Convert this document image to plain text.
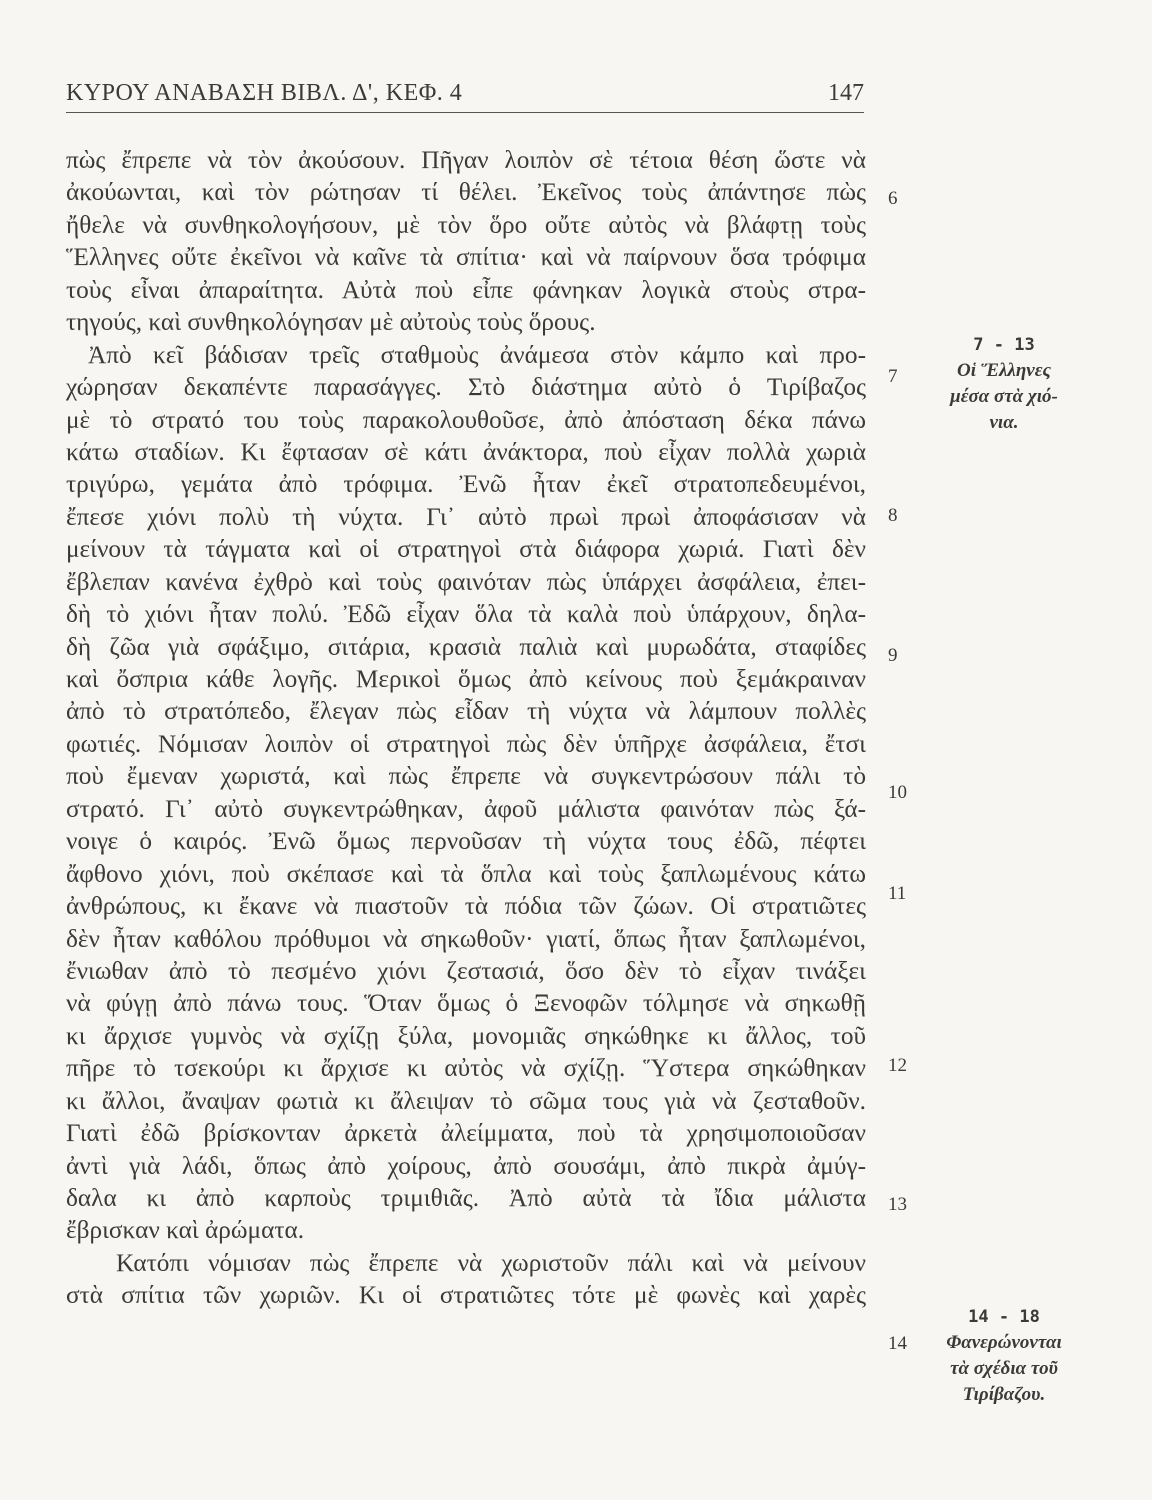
ΚΥΡΟΥ ΑΝΑΒΑΣΗ ΒΙΒΛ. Δ', ΚΕΦ. 4	147
πὼς ἔπρεπε νὰ τὸν ἀκούσουν. Πῆγαν λοιπὸν σὲ τέτοια θέση ὥστε νὰ
ἀκούωνται, καὶ τὸν ρώτησαν τί θέλει. Ἐκεῖνος τοὺς ἀπάντησε πὼς
ἤθελε νὰ συνθηκολογήσουν, μὲ τὸν ὅρο οὔτε αὐτὸς νὰ βλάφτῃ τοὺς
Ἕλληνες οὔτε ἐκεῖνοι νὰ καῖνε τὰ σπίτια· καὶ νὰ παίρνουν ὅσα τρόφιμα
τοὺς εἶναι ἀπαραίτητα. Αὐτὰ ποὺ εἶπε φάνηκαν λογικὰ στοὺς στρα-
τηγούς, καὶ συνθηκολόγησαν μὲ αὐτοὺς τοὺς ὅρους.
Ἀπὸ κεῖ βάδισαν τρεῖς σταθμοὺς ἀνάμεσα στὸν κάμπο καὶ προ-
χώρησαν δεκαπέντε παρασάγγες. Στὸ διάστημα αὐτὸ ὁ Τιρίβαζος
μὲ τὸ στρατό του τοὺς παρακολουθοῦσε, ἀπὸ ἀπόσταση δέκα πάνω
κάτω σταδίων. Κι ἔφτασαν σὲ κάτι ἀνάκτορα, ποὺ εἶχαν πολλὰ χωριὰ
τριγύρω, γεμάτα ἀπὸ τρόφιμα. Ἐνῶ ἦταν ἐκεῖ στρατοπεδευμένοι,
ἔπεσε χιόνι πολὺ τὴ νύχτα. Γι᾽ αὐτὸ πρωὶ πρωὶ ἀποφάσισαν νὰ
μείνουν τὰ τάγματα καὶ οἱ στρατηγοὶ στὰ διάφορα χωριά. Γιατὶ δὲν
ἔβλεπαν κανένα ἐχθρὸ καὶ τοὺς φαινόταν πὼς ὑπάρχει ἀσφάλεια, ἐπει-
δὴ τὸ χιόνι ἦταν πολύ. Ἐδῶ εἶχαν ὅλα τὰ καλὰ ποὺ ὑπάρχουν, δηλα-
δὴ ζῶα γιὰ σφάξιμο, σιτάρια, κρασιὰ παλιὰ καὶ μυρωδάτα, σταφίδες
καὶ ὄσπρια κάθε λογῆς. Μερικοὶ ὅμως ἀπὸ κείνους ποὺ ξεμάκραιναν
ἀπὸ τὸ στρατόπεδο, ἔλεγαν πὼς εἶδαν τὴ νύχτα νὰ λάμπουν πολλὲς
φωτιές. Νόμισαν λοιπὸν οἱ στρατηγοὶ πὼς δὲν ὑπῆρχε ἀσφάλεια, ἔτσι
ποὺ ἔμεναν χωριστά, καὶ πὼς ἔπρεπε νὰ συγκεντρώσουν πάλι τὸ
στρατό. Γι᾽ αὐτὸ συγκεντρώθηκαν, ἀφοῦ μάλιστα φαινόταν πὼς ξά-
νοιγε ὁ καιρός. Ἐνῶ ὅμως περνοῦσαν τὴ νύχτα τους ἐδῶ, πέφτει
ἄφθονο χιόνι, ποὺ σκέπασε καὶ τὰ ὅπλα καὶ τοὺς ξαπλωμένους κάτω
ἀνθρώπους, κι ἔκανε νὰ πιαστοῦν τὰ πόδια τῶν ζώων. Οἱ στρατιῶτες
δὲν ἦταν καθόλου πρόθυμοι νὰ σηκωθοῦν· γιατί, ὅπως ἦταν ξαπλωμένοι,
ἔνιωθαν ἀπὸ τὸ πεσμένο χιόνι ζεστασιά, ὅσο δὲν τὸ εἶχαν τινάξει
νὰ φύγῃ ἀπὸ πάνω τους. Ὅταν ὅμως ὁ Ξενοφῶν τόλμησε νὰ σηκωθῇ
κι ἄρχισε γυμνὸς νὰ σχίζῃ ξύλα, μονομιᾶς σηκώθηκε κι ἄλλος, τοῦ
πῆρε τὸ τσεκούρι κι ἄρχισε κι αὐτὸς νὰ σχίζῃ. Ὕστερα σηκώθηκαν
κι ἄλλοι, ἄναψαν φωτιὰ κι ἄλειψαν τὸ σῶμα τους γιὰ νὰ ζεσταθοῦν.
Γιατὶ ἐδῶ βρίσκονταν ἀρκετὰ ἀλείμματα, ποὺ τὰ χρησιμοποιοῦσαν
ἀντὶ γιὰ λάδι, ὅπως ἀπὸ χοίρους, ἀπὸ σουσάμι, ἀπὸ πικρὰ ἀμύγ-
δαλα κι ἀπὸ καρποὺς τριμιθιᾶς. Ἀπὸ αὐτὰ τὰ ἴδια μάλιστα
ἔβρισκαν καὶ ἀρώματα.
Κατόπι νόμισαν πὼς ἔπρεπε νὰ χωριστοῦν πάλι καὶ νὰ μείνουν
στὰ σπίτια τῶν χωριῶν. Κι οἱ στρατιῶτες τότε μὲ φωνὲς καὶ χαρὲς
6
7
8
9
10
11
12
13
14
7 - 13
Οἱ Ἕλληνες
μέσα στὰ χιό-
νια.
14 - 18
Φανερώνονται
τὰ σχέδια τοῦ
Τιρίβαζου.
